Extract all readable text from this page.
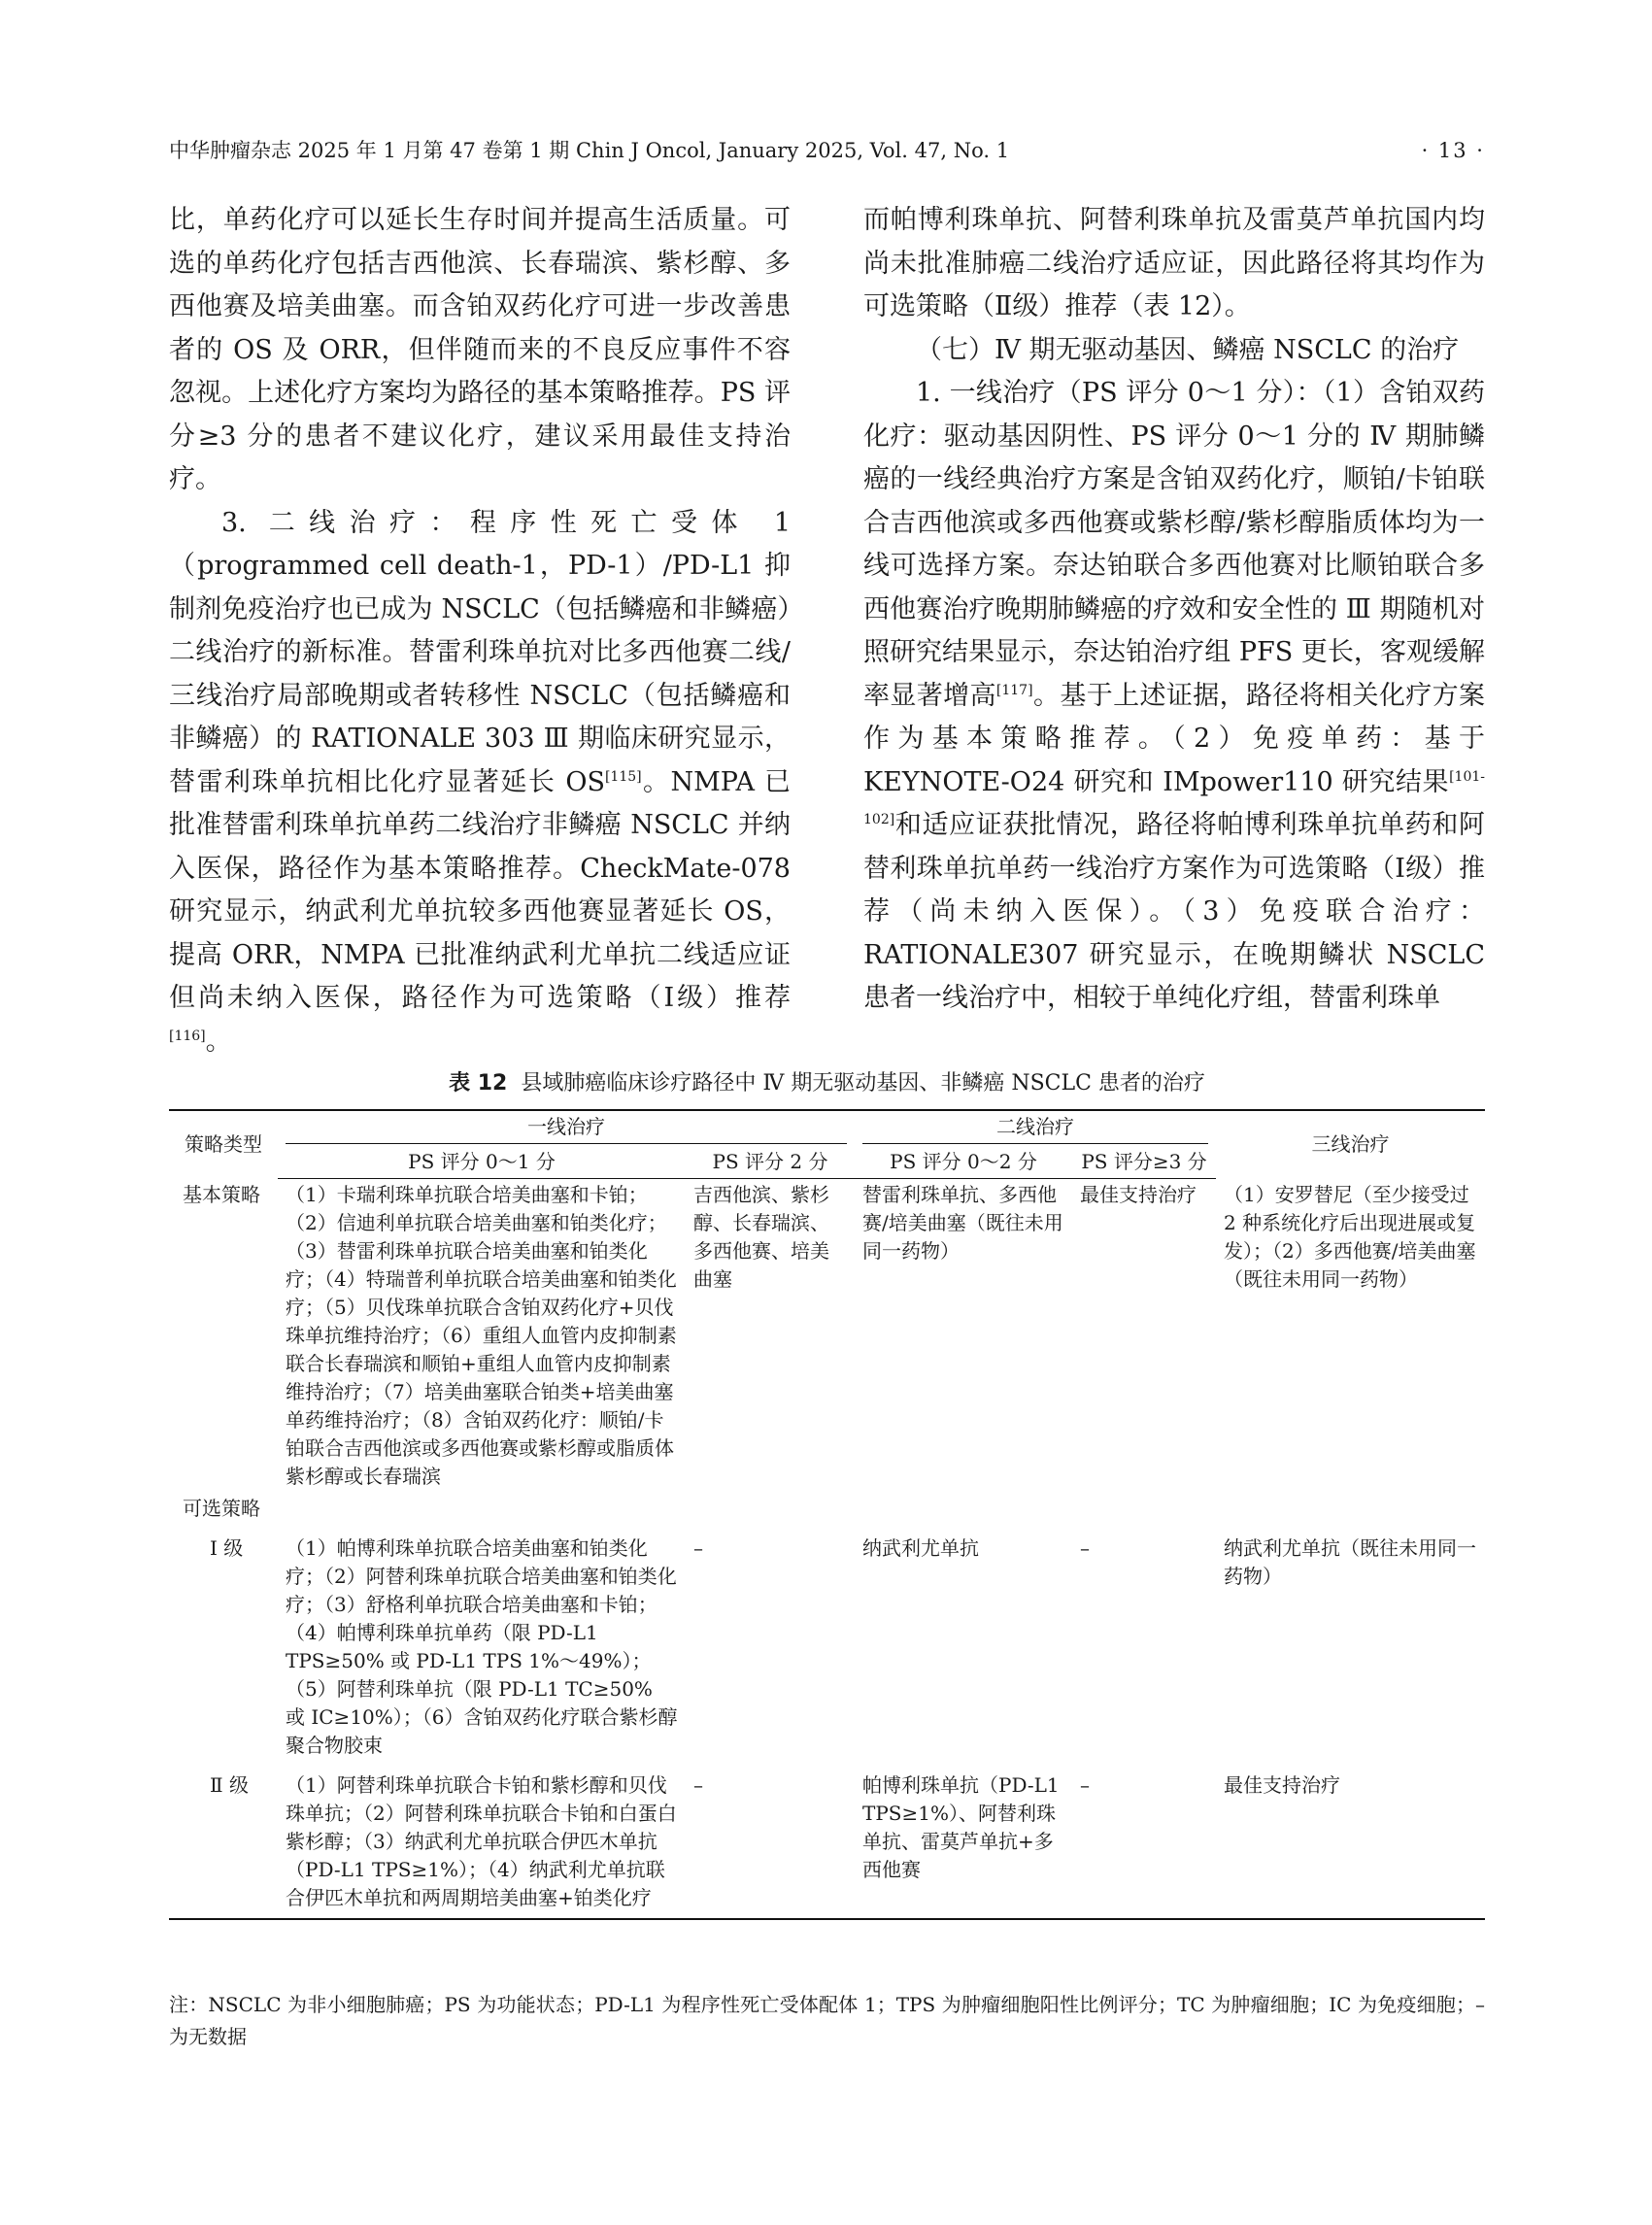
中华肿瘤杂志 2025 年 1 月第 47 卷第 1 期 Chin J Oncol, January 2025, Vol. 47, No. 1	· 13 ·

比，单药化疗可以延长生存时间并提高生活质量。可选的单药化疗包括吉西他滨、长春瑞滨、紫杉醇、多西他赛及培美曲塞。而含铂双药化疗可进一步改善患者的 OS 及 ORR，但伴随而来的不良反应事件不容忽视。上述化疗方案均为路径的基本策略推荐。PS 评分≥3 分的患者不建议化疗，建议采用最佳支持治疗。

3. 二线治疗：程序性死亡受体 1（programmed cell death-1，PD-1）/PD-L1 抑制剂免疫治疗也已成为 NSCLC（包括鳞癌和非鳞癌）二线治疗的新标准。替雷利珠单抗对比多西他赛二线/三线治疗局部晚期或者转移性 NSCLC（包括鳞癌和非鳞癌）的 RATIONALE 303 Ⅲ 期临床研究显示，替雷利珠单抗相比化疗显著延长 OS[115]。NMPA 已批准替雷利珠单抗单药二线治疗非鳞癌 NSCLC 并纳入医保，路径作为基本策略推荐。CheckMate-078 研究显示，纳武利尤单抗较多西他赛显著延长 OS，提高 ORR，NMPA 已批准纳武利尤单抗二线适应证但尚未纳入医保，路径作为可选策略（Ⅰ级）推荐[116]。

而帕博利珠单抗、阿替利珠单抗及雷莫芦单抗国内均尚未批准肺癌二线治疗适应证，因此路径将其均作为可选策略（Ⅱ级）推荐（表 12）。

（七）Ⅳ 期无驱动基因、鳞癌 NSCLC 的治疗

1. 一线治疗（PS 评分 0～1 分）：（1）含铂双药化疗：驱动基因阴性、PS 评分 0～1 分的 Ⅳ 期肺鳞癌的一线经典治疗方案是含铂双药化疗，顺铂/卡铂联合吉西他滨或多西他赛或紫杉醇/紫杉醇脂质体均为一线可选择方案。奈达铂联合多西他赛对比顺铂联合多西他赛治疗晚期肺鳞癌的疗效和安全性的 Ⅲ 期随机对照研究结果显示，奈达铂治疗组 PFS 更长，客观缓解率显著增高[117]。基于上述证据，路径将相关化疗方案作为基本策略推荐。（2）免疫单药：基于 KEYNOTE-O24 研究和 IMpower110 研究结果[101-102]和适应证获批情况，路径将帕博利珠单抗单药和阿替利珠单抗单药一线治疗方案作为可选策略（Ⅰ级）推荐（尚未纳入医保）。（3）免疫联合治疗：RATIONALE307 研究显示，在晚期鳞状 NSCLC 患者一线治疗中，相较于单纯化疗组，替雷利珠单

表 12 县域肺癌临床诊疗路径中 Ⅳ 期无驱动基因、非鳞癌 NSCLC 患者的治疗
策略类型	一线治疗		二线治疗		三线治疗
	PS 评分 0～1 分	PS 评分 2 分	PS 评分 0～2 分	PS 评分≥3 分	
基本策略	（1）卡瑞利珠单抗联合培美曲塞和卡铂；（2）信迪利单抗联合培美曲塞和铂类化疗；（3）替雷利珠单抗联合培美曲塞和铂类化疗；（4）特瑞普利单抗联合培美曲塞和铂类化疗；（5）贝伐珠单抗联合含铂双药化疗+贝伐珠单抗维持治疗；（6）重组人血管内皮抑制素联合长春瑞滨和顺铂+重组人血管内皮抑制素维持治疗；（7）培美曲塞联合铂类+培美曲塞单药维持治疗；（8）含铂双药化疗：顺铂/卡铂联合吉西他滨或多西他赛或紫杉醇或脂质体紫杉醇或长春瑞滨	吉西他滨、紫杉醇、长春瑞滨、多西他赛、培美曲塞	替雷利珠单抗、多西他赛/培美曲塞（既往未用同一药物）	最佳支持治疗	（1）安罗替尼（至少接受过 2 种系统化疗后出现进展或复发）；（2）多西他赛/培美曲塞（既往未用同一药物）
可选策略					
Ⅰ 级	（1）帕博利珠单抗联合培美曲塞和铂类化疗；（2）阿替利珠单抗联合培美曲塞和铂类化疗；（3）舒格利单抗联合培美曲塞和卡铂；（4）帕博利珠单抗单药（限 PD-L1 TPS≥50% 或 PD-L1 TPS 1%～49%）；（5）阿替利珠单抗（限 PD-L1 TC≥50% 或 IC≥10%）；（6）含铂双药化疗联合紫杉醇聚合物胶束	–	纳武利尤单抗	–	纳武利尤单抗（既往未用同一药物）
Ⅱ 级	（1）阿替利珠单抗联合卡铂和紫杉醇和贝伐珠单抗；（2）阿替利珠单抗联合卡铂和白蛋白紫杉醇；（3）纳武利尤单抗联合伊匹木单抗（PD-L1 TPS≥1%）；（4）纳武利尤单抗联合伊匹木单抗和两周期培美曲塞+铂类化疗	–	帕博利珠单抗（PD-L1 TPS≥1%）、阿替利珠单抗、雷莫芦单抗+多西他赛	–	最佳支持治疗
注：NSCLC 为非小细胞肺癌；PS 为功能状态；PD-L1 为程序性死亡受体配体 1；TPS 为肿瘤细胞阳性比例评分；TC 为肿瘤细胞；IC 为免疫细胞；–为无数据
